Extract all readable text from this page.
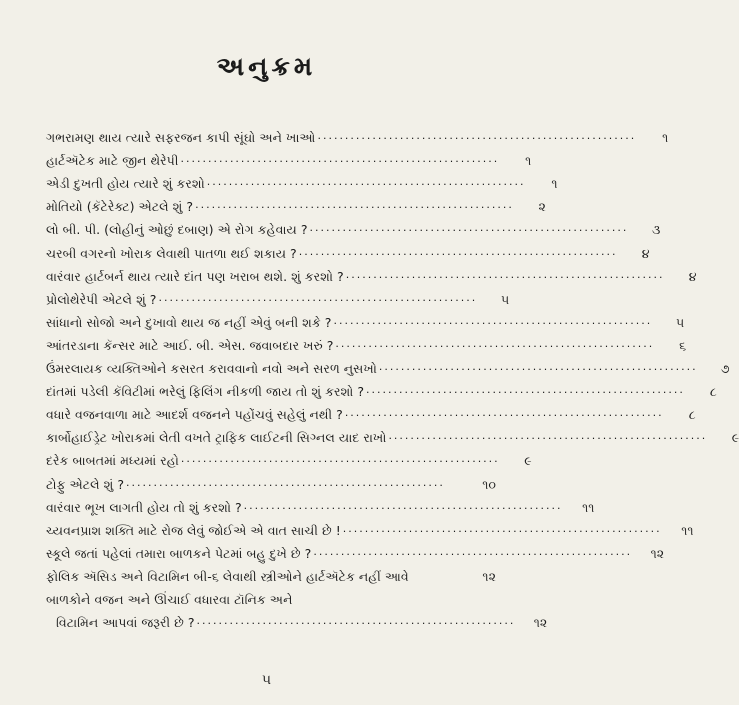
અનુક્રમ
ગભરામણ થાય ત્યારે સફરજન કાપી સૂંઘો અને ખાઓ ..........................................................	૧
હાર્ટઍટેક માટે જીન થેરેપી ..........................................................	૧
એડી દુખતી હોય ત્યારે શું કરશો ..........................................................	૧
મોતિયો (કૅટેરેક્ટ) એટલે શું ? ..........................................................	૨
લો બી. પી. (લોહીનું ઓછું દબાણ) એ રોગ કહેવાય ? ..........................................................	૩
ચરબી વગરનો ખોરાક લેવાથી પાતળા થઈ શકાય ? ..........................................................	૪
વારંવાર હાર્ટબર્ન થાય ત્યારે દાંત પણ ખરાબ થશે. શું કરશો ? ..........................................................	૪
પ્રોલોથેરેપી એટલે શું ? ..........................................................	૫
સાંધાનો સોજો અને દુખાવો થાય જ નહીં એવું બની શકે ? ..........................................................	૫
આંતરડાના કૅન્સર માટે આઈ. બી. એસ. જવાબદાર ખરું ? ..........................................................	૬
ઉંમરલાયક વ્યક્તિઓને કસરત કરાવવાનો નવો અને સરળ નુસખો ..........................................................	૭
દાંતમાં પડેલી કૅવિટીમાં ભરેલું ફિલિંગ નીકળી જાય તો શું કરશો ? ..........................................................	૮
વધારે વજનવાળા માટે આદર્શ વજનને પહોંચવું સહેલું નથી ? ..........................................................	૮
કાર્બોહાઈડ્રેટ ખોરાકમાં લેતી વખતે ટ્રાફિક લાઈટની સિગ્નલ યાદ રાખો ..........................................................	૯
દરેક બાબતમાં મધ્યમાં રહો ..........................................................	૯
ટોફુ એટલે શું ? ..........................................................	૧૦
વારંવાર ભૂખ લાગતી હોય તો શું કરશો ? ..........................................................	૧૧
ચ્યવનપ્રાશ શક્તિ માટે રોજ લેવું જોઈએ એ વાત સાચી છે ! ..........................................................	૧૧
સ્કૂલે જતાં પહેલાં તમારા બાળકને પેટમાં બહુ દુખે છે ? ..........................................................	૧૨
ફોલિક ઍસિડ અને વિટામિન બી-૬ લેવાથી સ્ત્રીઓને હાર્ટઍટેક નહીં આવે	૧૨
બાળકોને વજન અને ઊંચાઈ વધારવા ટૉનિક અને
વિટામિન આપવાં જરૂરી છે ? ..........................................................	૧૨
૫
